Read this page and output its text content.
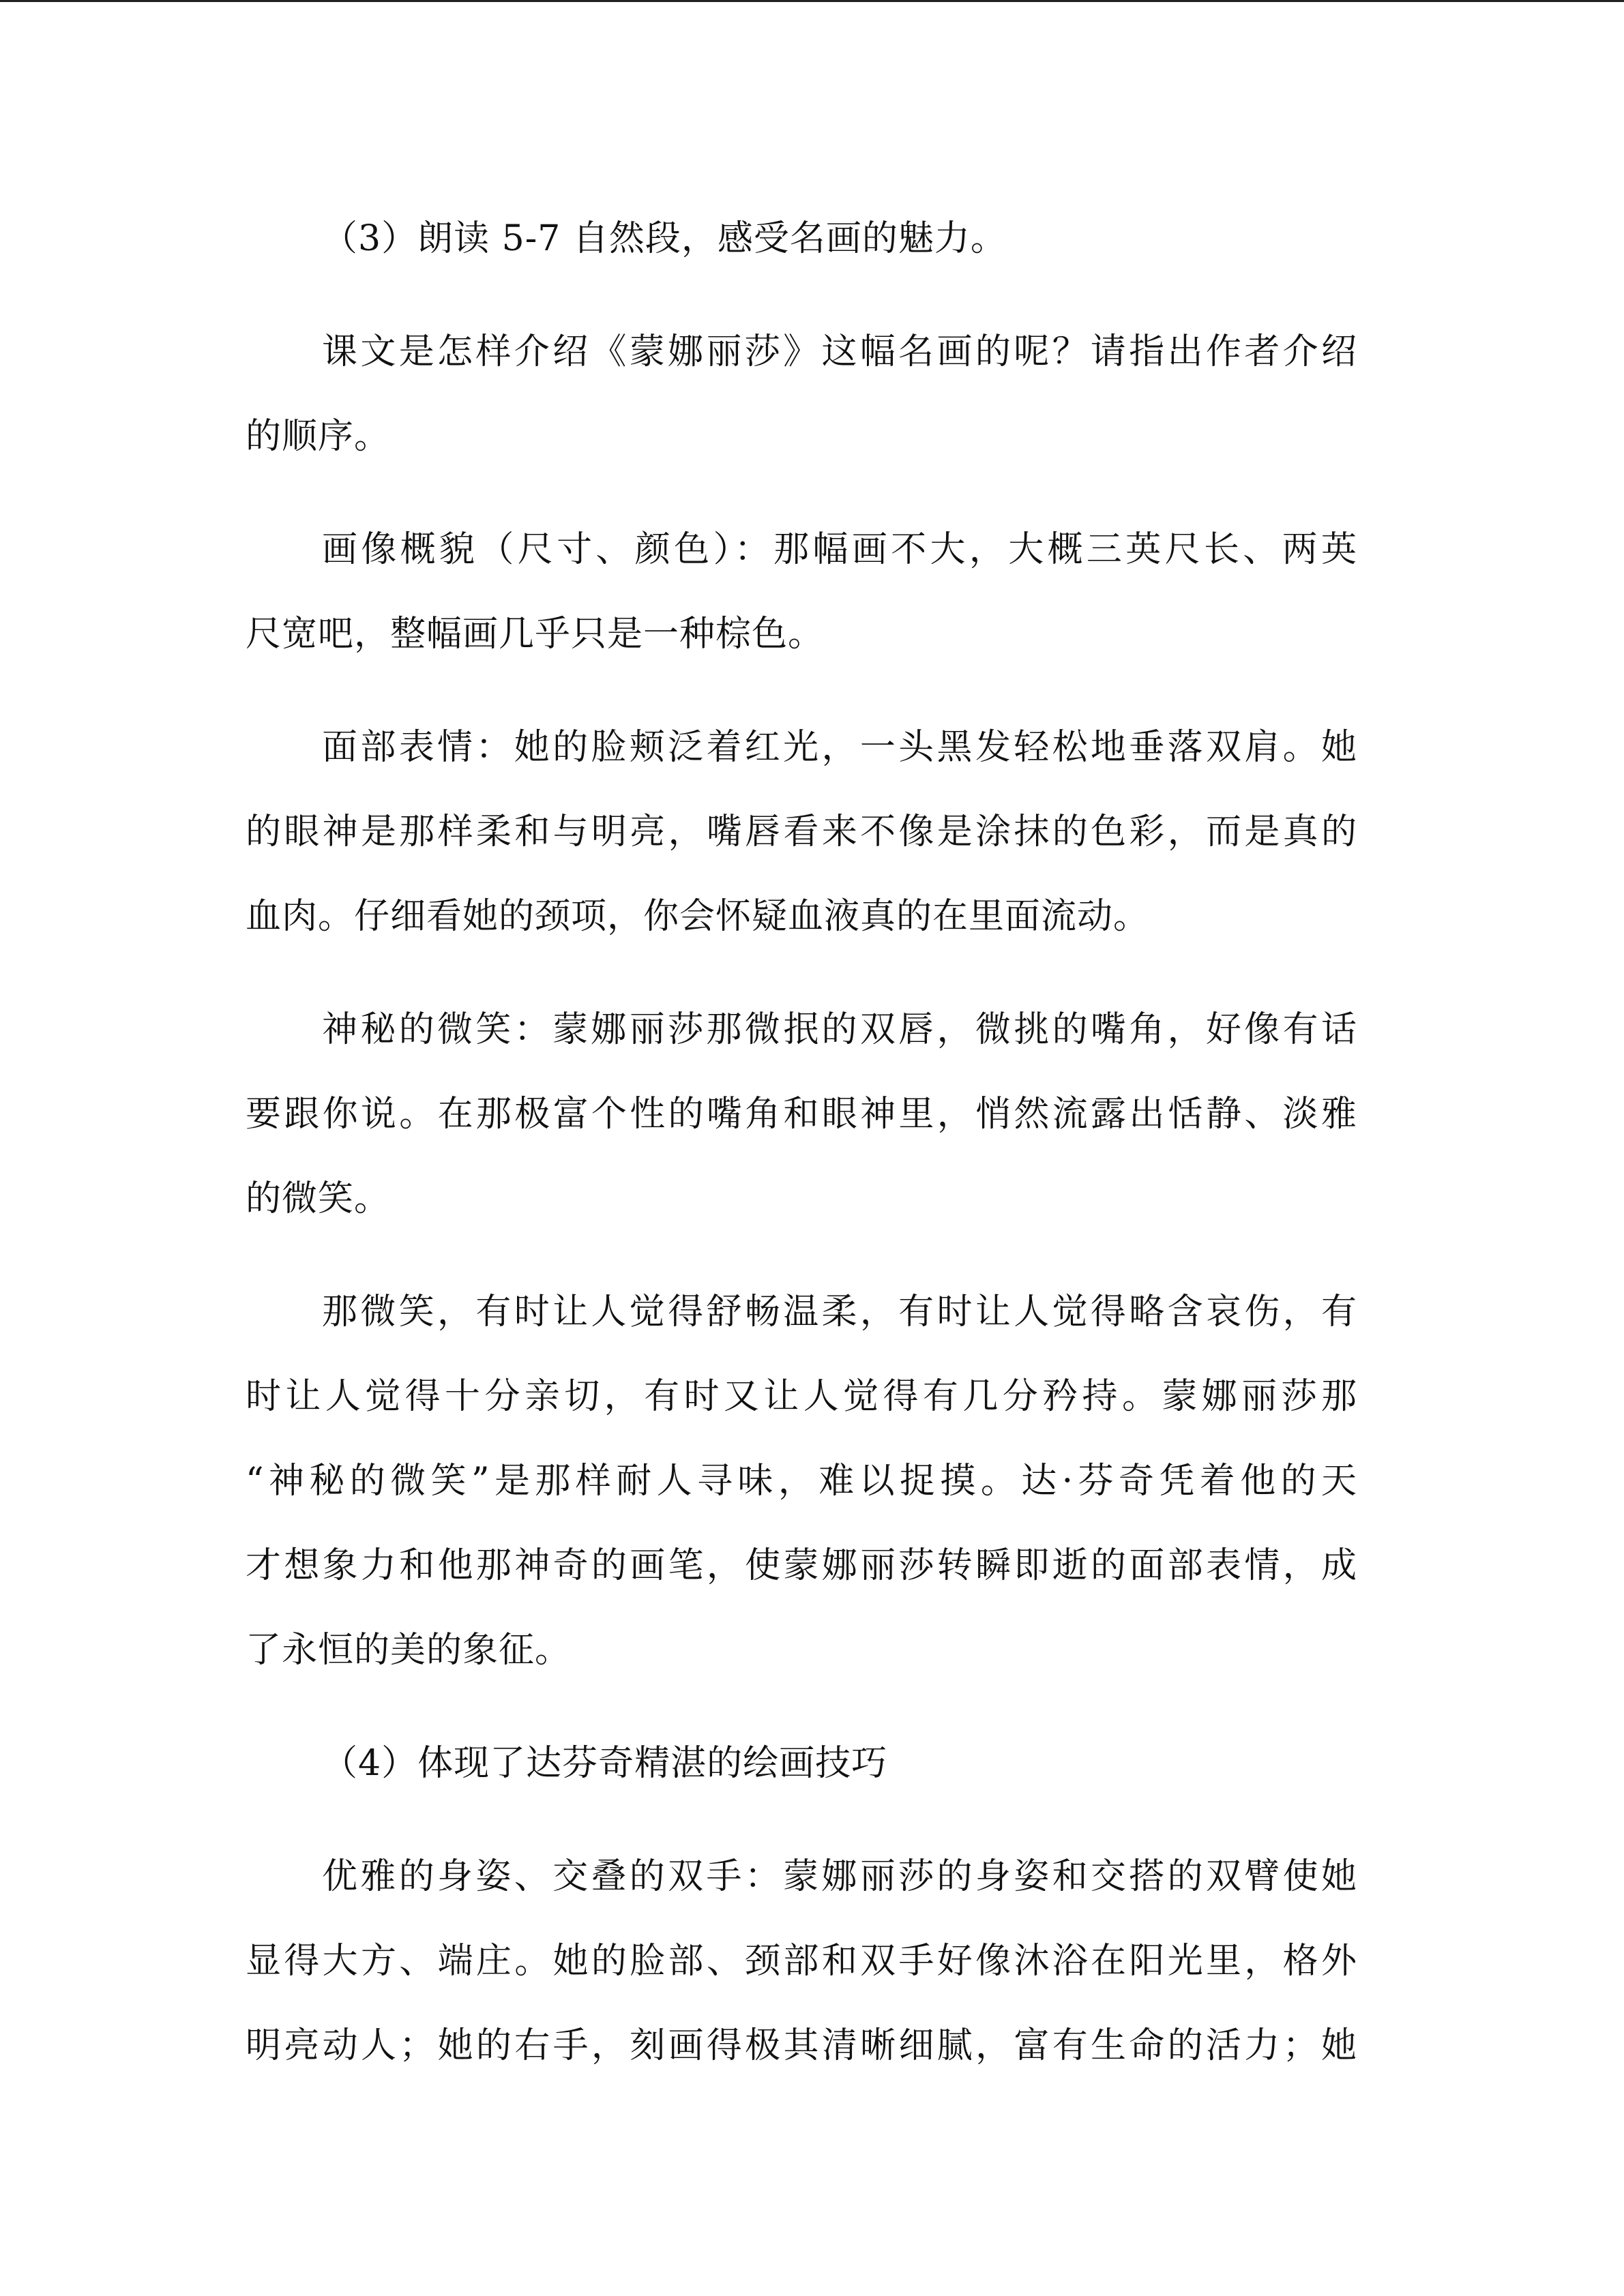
（3）朗读 5-7 自然段，感受名画的魅力。
课文是怎样介绍《蒙娜丽莎》这幅名画的呢？请指出作者介绍
的顺序。
画像概貌（尺寸、颜色）：那幅画不大，大概三英尺长、两英
尺宽吧，整幅画几乎只是一种棕色。
面部表情：她的脸颊泛着红光，一头黑发轻松地垂落双肩。她
的眼神是那样柔和与明亮，嘴唇看来不像是涂抹的色彩，而是真的
血肉。仔细看她的颈项，你会怀疑血液真的在里面流动。
神秘的微笑：蒙娜丽莎那微抿的双唇，微挑的嘴角，好像有话
要跟你说。在那极富个性的嘴角和眼神里，悄然流露出恬静、淡雅
的微笑。
那微笑，有时让人觉得舒畅温柔，有时让人觉得略含哀伤，有
时让人觉得十分亲切，有时又让人觉得有几分矜持。蒙娜丽莎那
“神秘的微笑”是那样耐人寻味，难以捉摸。达·芬奇凭着他的天
才想象力和他那神奇的画笔，使蒙娜丽莎转瞬即逝的面部表情，成
了永恒的美的象征。
（4）体现了达芬奇精湛的绘画技巧
优雅的身姿、交叠的双手：蒙娜丽莎的身姿和交搭的双臂使她
显得大方、端庄。她的脸部、颈部和双手好像沐浴在阳光里，格外
明亮动人；她的右手，刻画得极其清晰细腻，富有生命的活力；她
